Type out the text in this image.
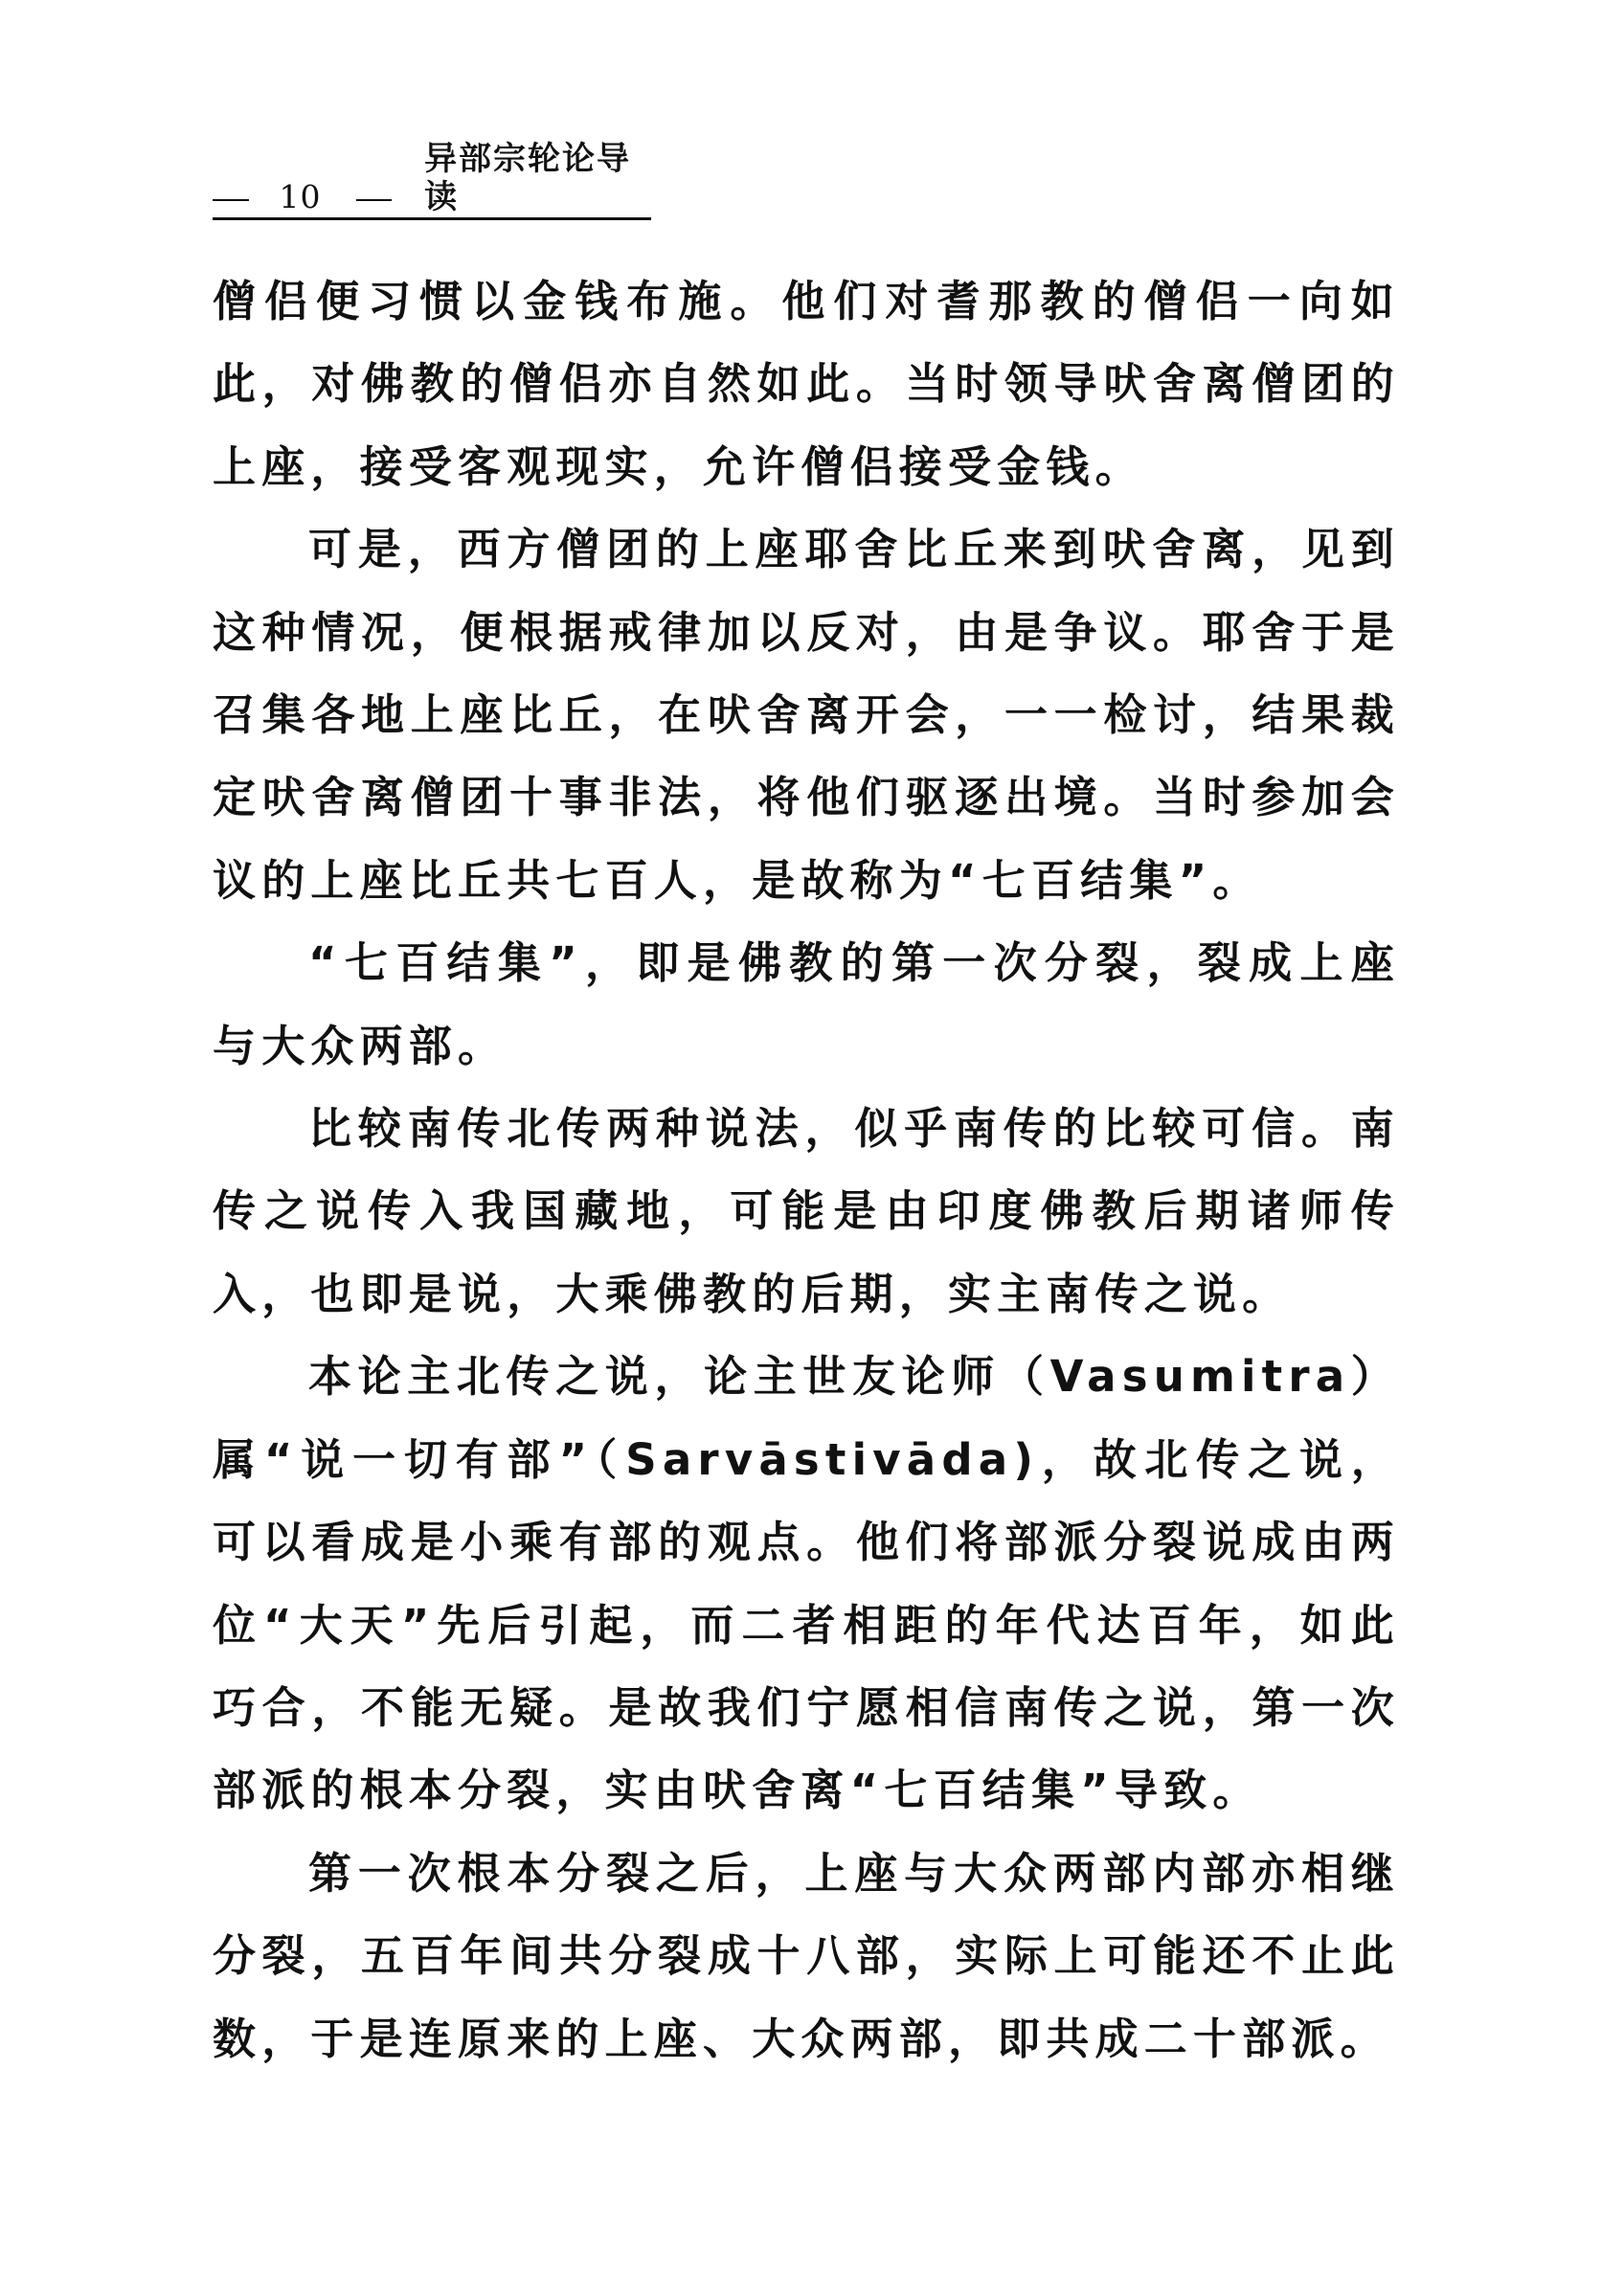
10
异部宗轮论导读

僧侣便习惯以金钱布施。他们对耆那教的僧侣一向如此，对佛教的僧侣亦自然如此。当时领导吠舍离僧团的上座，接受客观现实，允许僧侣接受金钱。

可是，西方僧团的上座耶舍比丘来到吠舍离，见到这种情况，便根据戒律加以反对，由是争议。耶舍于是召集各地上座比丘，在吠舍离开会，一一检讨，结果裁定吠舍离僧团十事非法，将他们驱逐出境。当时参加会议的上座比丘共七百人，是故称为“七百结集”。

“七百结集”，即是佛教的第一次分裂，裂成上座与大众两部。

比较南传北传两种说法，似乎南传的比较可信。南传之说传入我国藏地，可能是由印度佛教后期诸师传入，也即是说，大乘佛教的后期，实主南传之说。

本论主北传之说，论主世友论师（Vasumitra）属“说一切有部”（Sarvāstivāda)，故北传之说，可以看成是小乘有部的观点。他们将部派分裂说成由两位“大天”先后引起，而二者相距的年代达百年，如此巧合，不能无疑。是故我们宁愿相信南传之说，第一次部派的根本分裂，实由吠舍离“七百结集”导致。

第一次根本分裂之后，上座与大众两部内部亦相继分裂，五百年间共分裂成十八部，实际上可能还不止此数，于是连原来的上座、大众两部，即共成二十部派。
